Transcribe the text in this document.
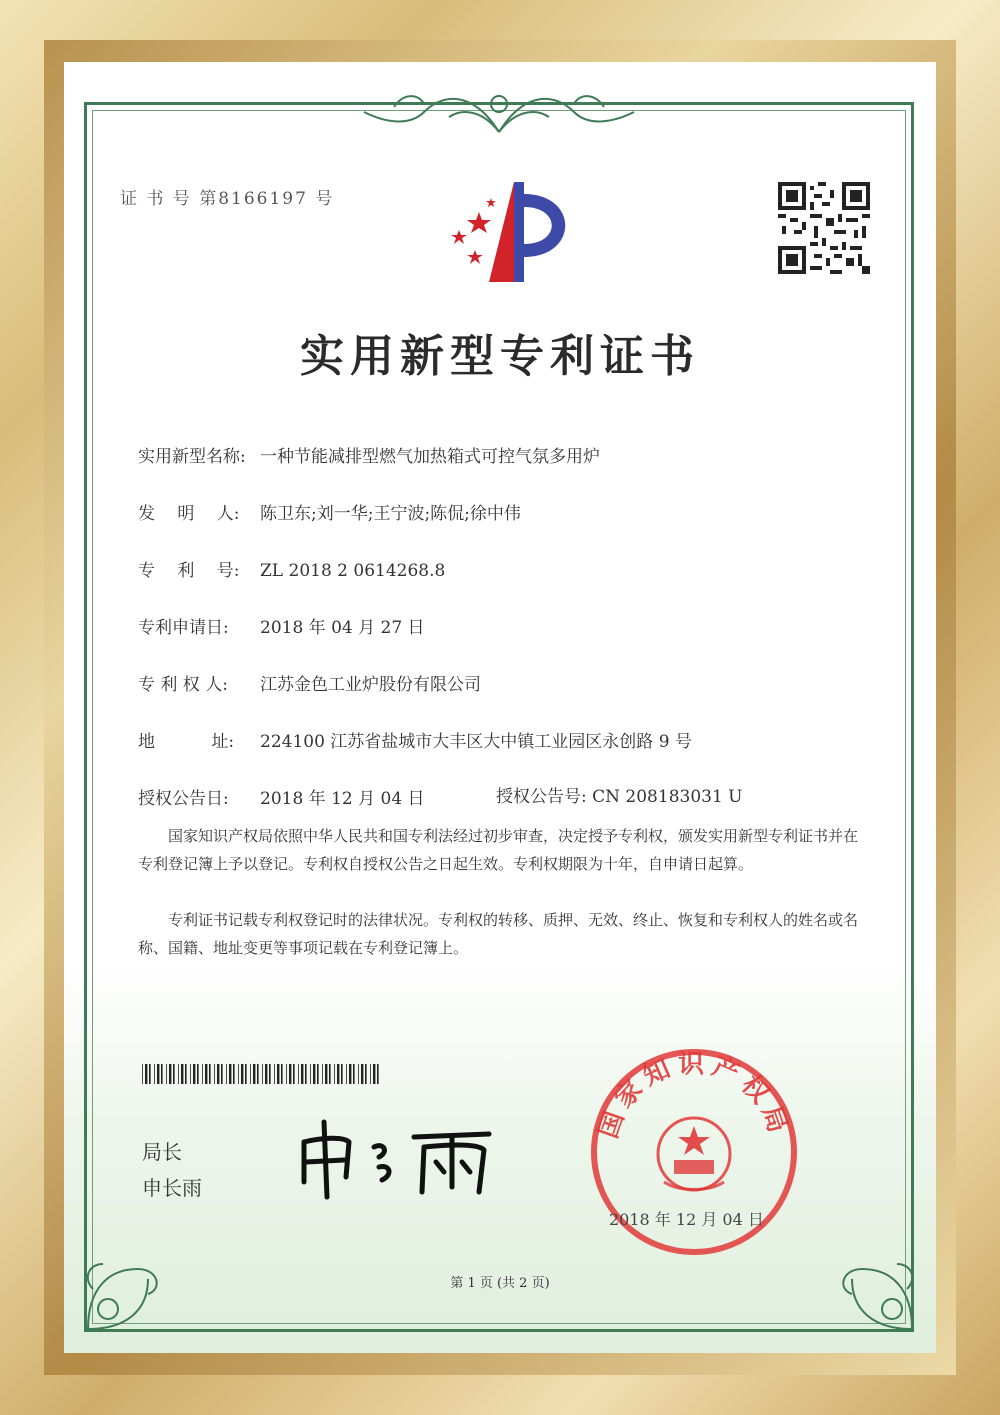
证 书 号 第8166197 号
实用新型专利证书
实用新型名称: 一种节能减排型燃气加热箱式可控气氛多用炉
发　 明　 人: 陈卫东;刘一华;王宁波;陈侃;徐中伟
专　 利　 号: ZL 2018 2 0614268.8
专利申请日: 2018 年 04 月 27 日
专 利 权 人: 江苏金色工业炉股份有限公司
地　　　 址: 224100 江苏省盐城市大丰区大中镇工业园区永创路 9 号
授权公告日: 2018 年 12 月 04 日	授权公告号: CN 208183031 U
国家知识产权局依照中华人民共和国专利法经过初步审查，决定授予专利权，颁发实用新型专利证书并在专利登记簿上予以登记。专利权自授权公告之日起生效。专利权期限为十年，自申请日起算。
专利证书记载专利权登记时的法律状况。专利权的转移、质押、无效、终止、恢复和专利权人的姓名或名称、国籍、地址变更等事项记载在专利登记簿上。
局长
申长雨
国家知识产权局
2018 年 12 月 04 日
第 1 页 (共 2 页)
